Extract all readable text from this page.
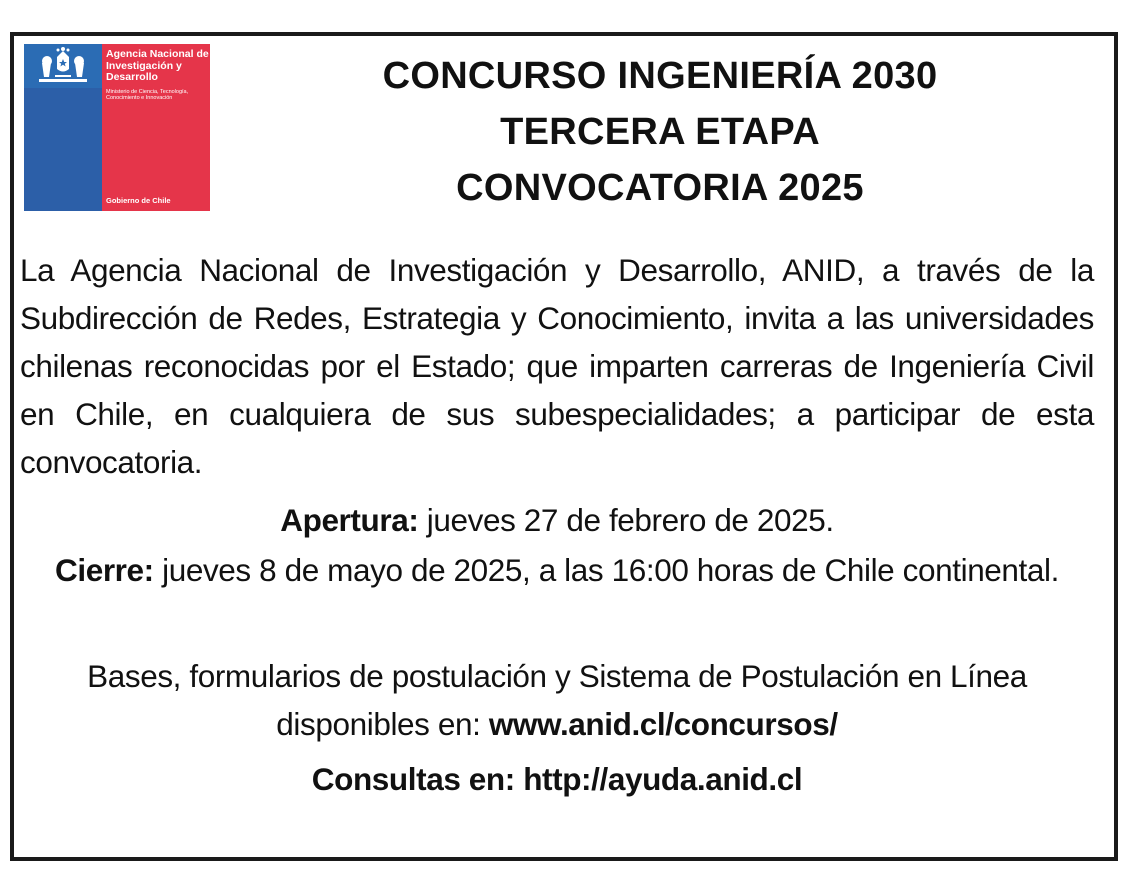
Agencia Nacional de Investigación y Desarrollo
Ministerio de Ciencia, Tecnología, Conocimiento e Innovación
Gobierno de Chile
CONCURSO INGENIERÍA 2030
TERCERA ETAPA
CONVOCATORIA 2025
La Agencia Nacional de Investigación y Desarrollo, ANID, a través de la Subdirección de Redes, Estrategia y Conocimiento, invita a las universidades chilenas reconocidas por el Estado; que imparten carreras de Ingeniería Civil en Chile, en cualquiera de sus subespecialidades; a participar de esta convocatoria.
Apertura: jueves 27 de febrero de 2025.
Cierre: jueves 8 de mayo de 2025, a las 16:00 horas de Chile continental.
Bases, formularios de postulación y Sistema de Postulación en Línea disponibles en: www.anid.cl/concursos/
Consultas en: http://ayuda.anid.cl
